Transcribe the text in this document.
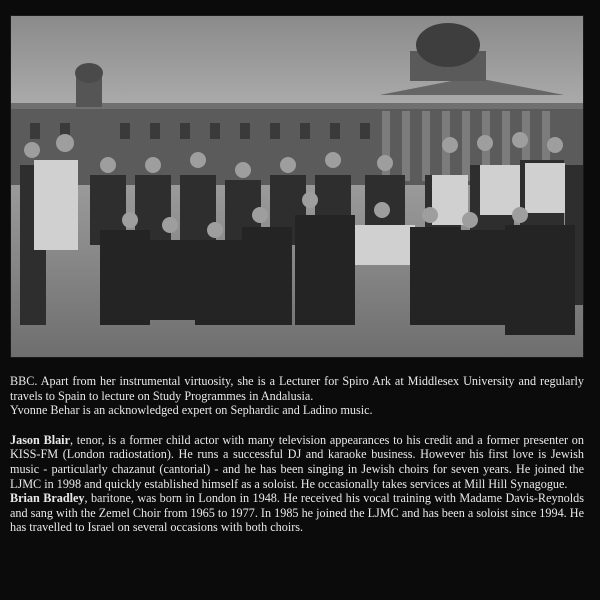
BBC. Apart from her instrumental virtuosity, she is a Lecturer for Spiro Ark at Middlesex University and regularly travels to Spain to lecture on Study Programmes in Andalusia.

Yvonne Behar is an acknowledged expert on Sephardic and Ladino music.

Jason Blair, tenor, is a former child actor with many television appearances to his credit and a former presenter on KISS-FM (London radiostation). He runs a successful DJ and karaoke business. However his first love is Jewish music - particularly chazanut (cantorial) - and he has been singing in Jewish choirs for seven years. He joined the LJMC in 1998 and quickly established himself as a soloist. He occasionally takes services at Mill Hill Synagogue.

Brian Bradley, baritone, was born in London in 1948. He received his vocal training with Madame Davis-Reynolds and sang with the Zemel Choir from 1965 to 1977. In 1985 he joined the LJMC and has been a soloist since 1994. He has travelled to Israel on several occasions with both choirs.
